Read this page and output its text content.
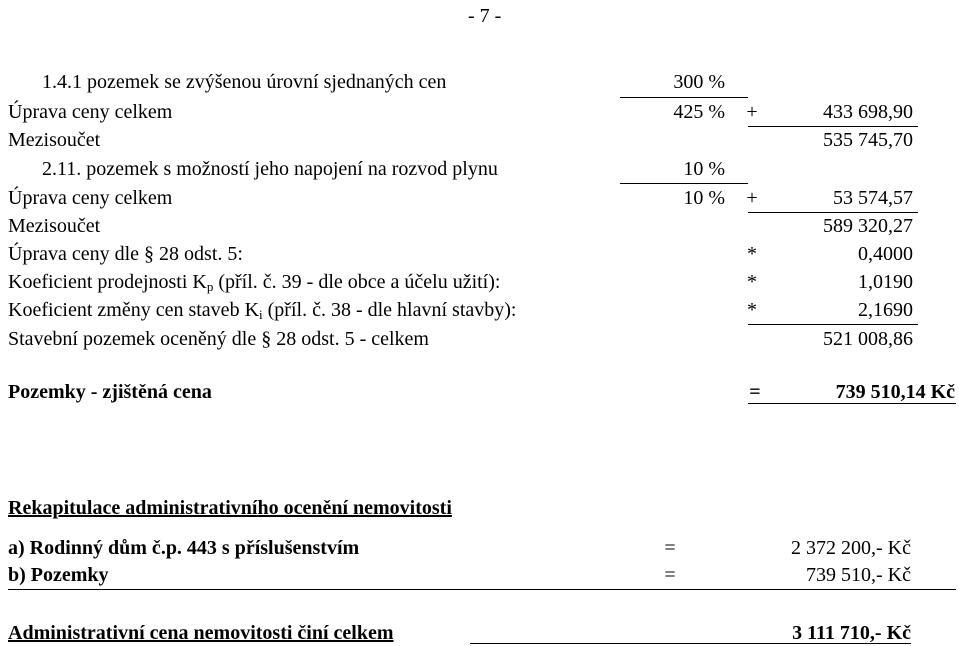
- 7 -
1.4.1 pozemek se zvýšenou úrovní sjednaných cen	300 %
Úprava ceny celkem	425 % +	433 698,90
Mezisoučet	535 745,70
2.11. pozemek s možností jeho napojení na rozvod plynu	10 %
Úprava ceny celkem	10 % +	53 574,57
Mezisoučet	589 320,27
Úprava ceny dle § 28 odst. 5:	*	0,4000
Koeficient prodejnosti $K_p$ (příl. č. 39 - dle obce a účelu užití):	*	1,0190
Koeficient změny cen staveb $K_i$ (příl. č. 38 - dle hlavní stavby):	*	2,1690
Stavební pozemek oceněný dle § 28 odst. 5 - celkem	521 008,86
Pozemky - zjištěná cena	=	739 510,14 Kč
Rekapitulace administrativního ocenění nemovitosti
a) Rodinný dům č.p. 443 s příslušenstvím	=	2 372 200,- Kč
b) Pozemky	=	739 510,- Kč
Administrativní cena nemovitosti činí celkem	3 111 710,- Kč
